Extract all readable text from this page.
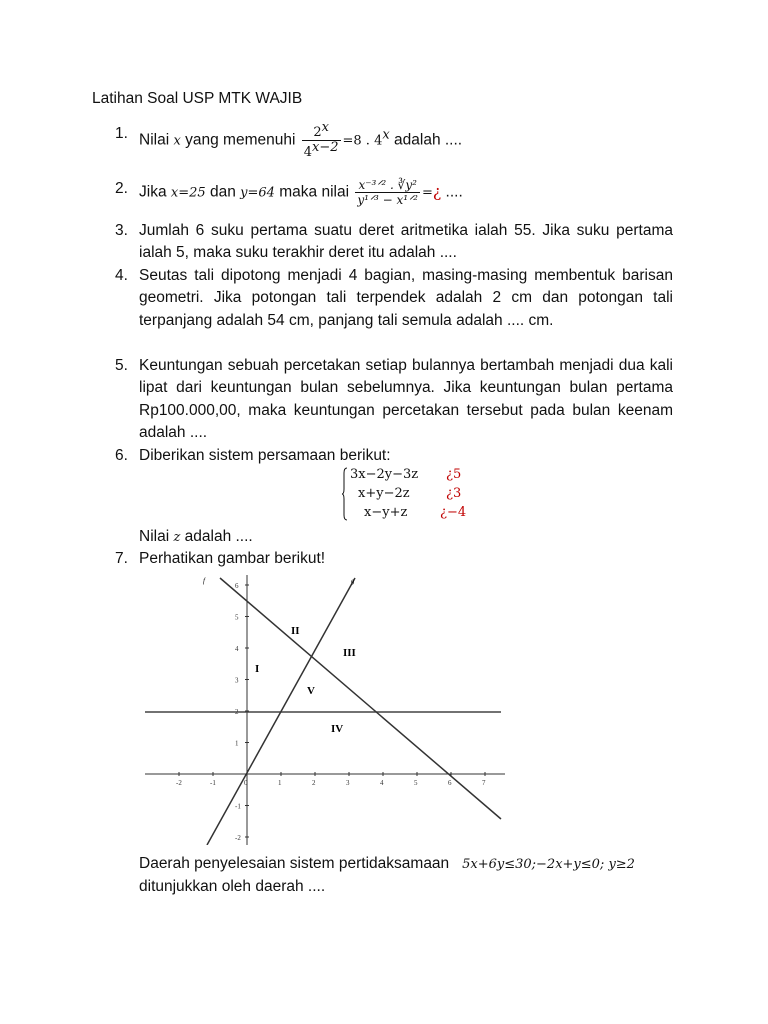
Latihan Soal USP MTK WAJIB
1. Nilai x yang memenuhi $\frac{2^x}{4^{x-2}} =8$ . 4$^x$ adalah ....
2. Jika x=25 dan y=64 maka nilai $\frac{\text{x⁻³ᐟ² . ∛y²}}{\text{y¹ᐟ³ − x¹ᐟ²}}$ =¿ ....
3. Jumlah 6 suku pertama suatu deret aritmetika ialah 55. Jika suku pertama ialah 5, maka suku terakhir deret itu adalah ....
4. Seutas tali dipotong menjadi 4 bagian, masing-masing membentuk barisan geometri. Jika potongan tali terpendek adalah 2 cm dan potongan tali terpanjang adalah 54 cm, panjang tali semula adalah .... cm.
5. Keuntungan sebuah percetakan setiap bulannya bertambah menjadi dua kali lipat dari keuntungan bulan sebelumnya. Jika keuntungan bulan pertama Rp100.000,00, maka keuntungan percetakan tersebut pada bulan keenam adalah ....
6. Diberikan sistem persamaan berikut:
3x−2y−3z ¿5
x+y−2z	¿3
x−y+z	¿−4
Nilai z adalah ....
7. Perhatikan gambar berikut!
-2	-1	0	1	2	3	4	5	6	7
6
5
4
3
2
1
-1
-2
f	g
I
II
III
IV
V
Daerah penyelesaian sistem pertidaksamaan 5x+6y≤30;−2x+y≤0; y≥2
ditunjukkan oleh daerah ....
